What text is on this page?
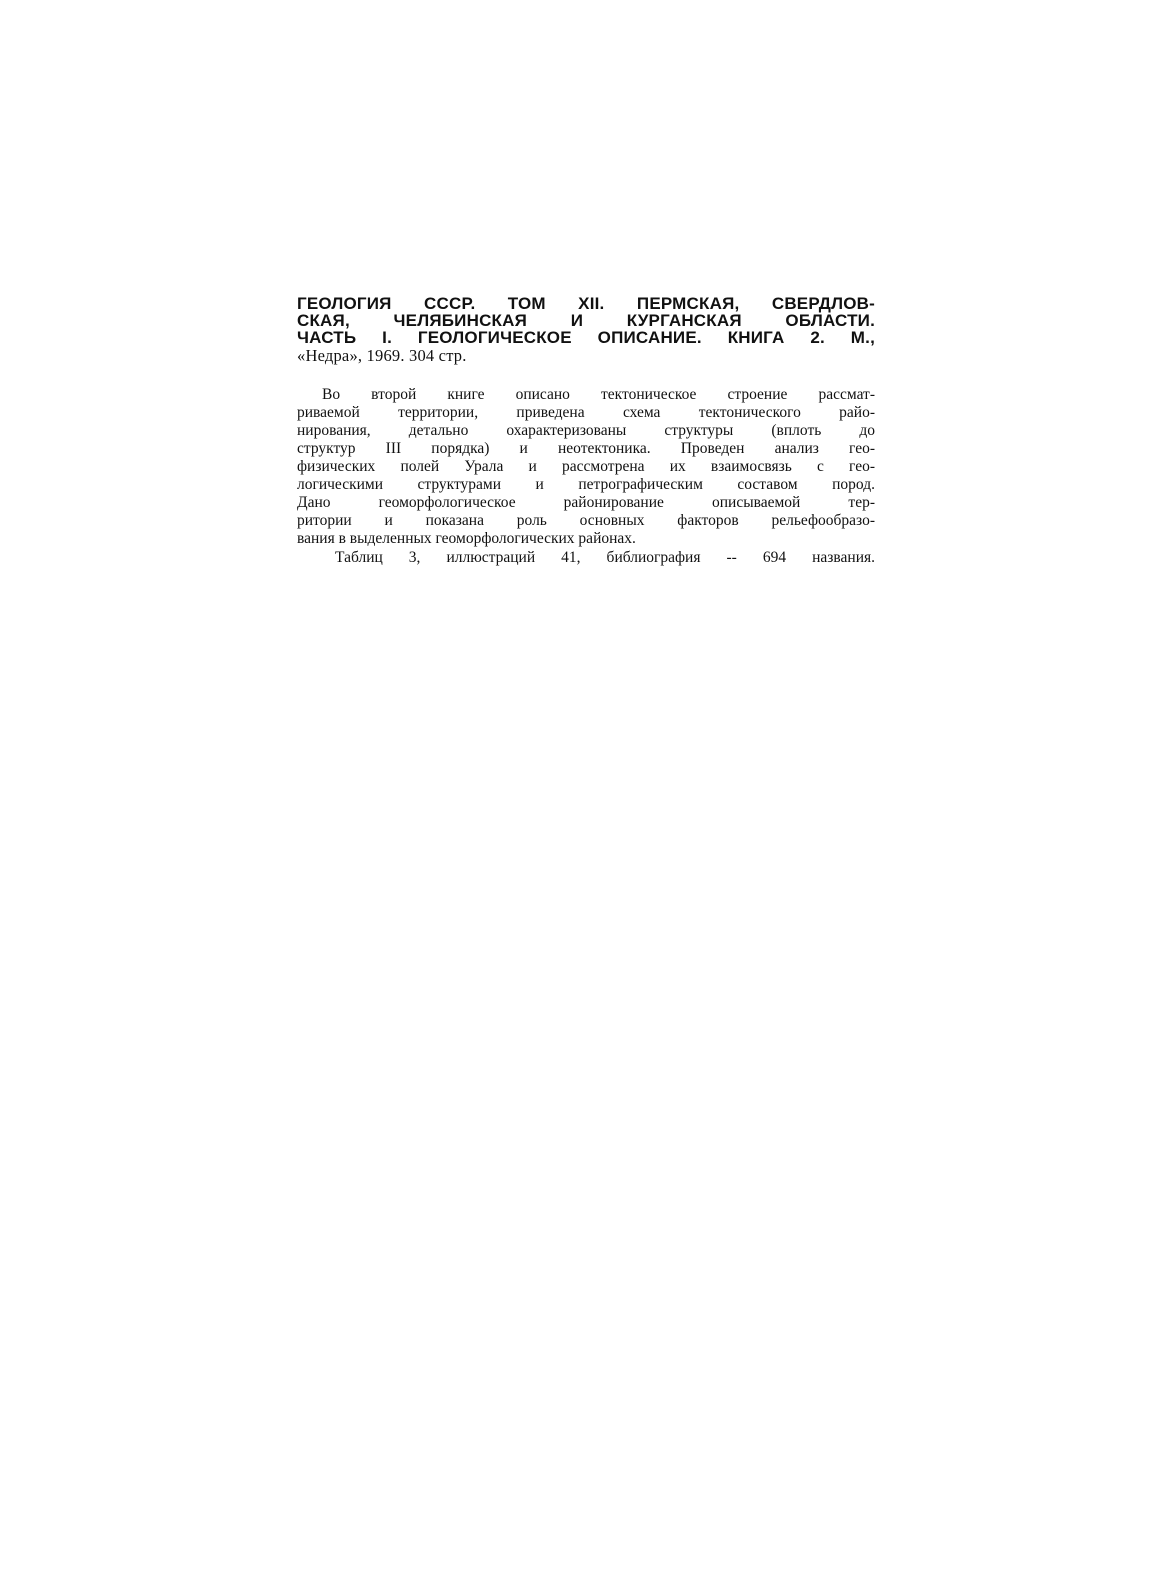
ГЕОЛОГИЯ СССР. ТОМ XII. ПЕРМСКАЯ, СВЕРДЛОВ-
СКАЯ, ЧЕЛЯБИНСКАЯ И КУРГАНСКАЯ ОБЛАСТИ.
ЧАСТЬ I. ГЕОЛОГИЧЕСКОЕ ОПИСАНИЕ. КНИГА 2. М.,
«Недра», 1969. 304 стр.
Во второй книге описано тектоническое строение рассмат-
риваемой территории, приведена схема тектонического райо-
нирования, детально охарактеризованы структуры (вплоть до
структур III порядка) и неотектоника. Проведен анализ гео-
физических полей Урала и рассмотрена их взаимосвязь с гео-
логическими структурами и петрографическим составом пород.
Дано геоморфологическое районирование описываемой тер-
ритории и показана роль основных факторов рельефообразо-
вания в выделенных геоморфологических районах.
Таблиц 3, иллюстраций 41, библиография -- 694 названия.
